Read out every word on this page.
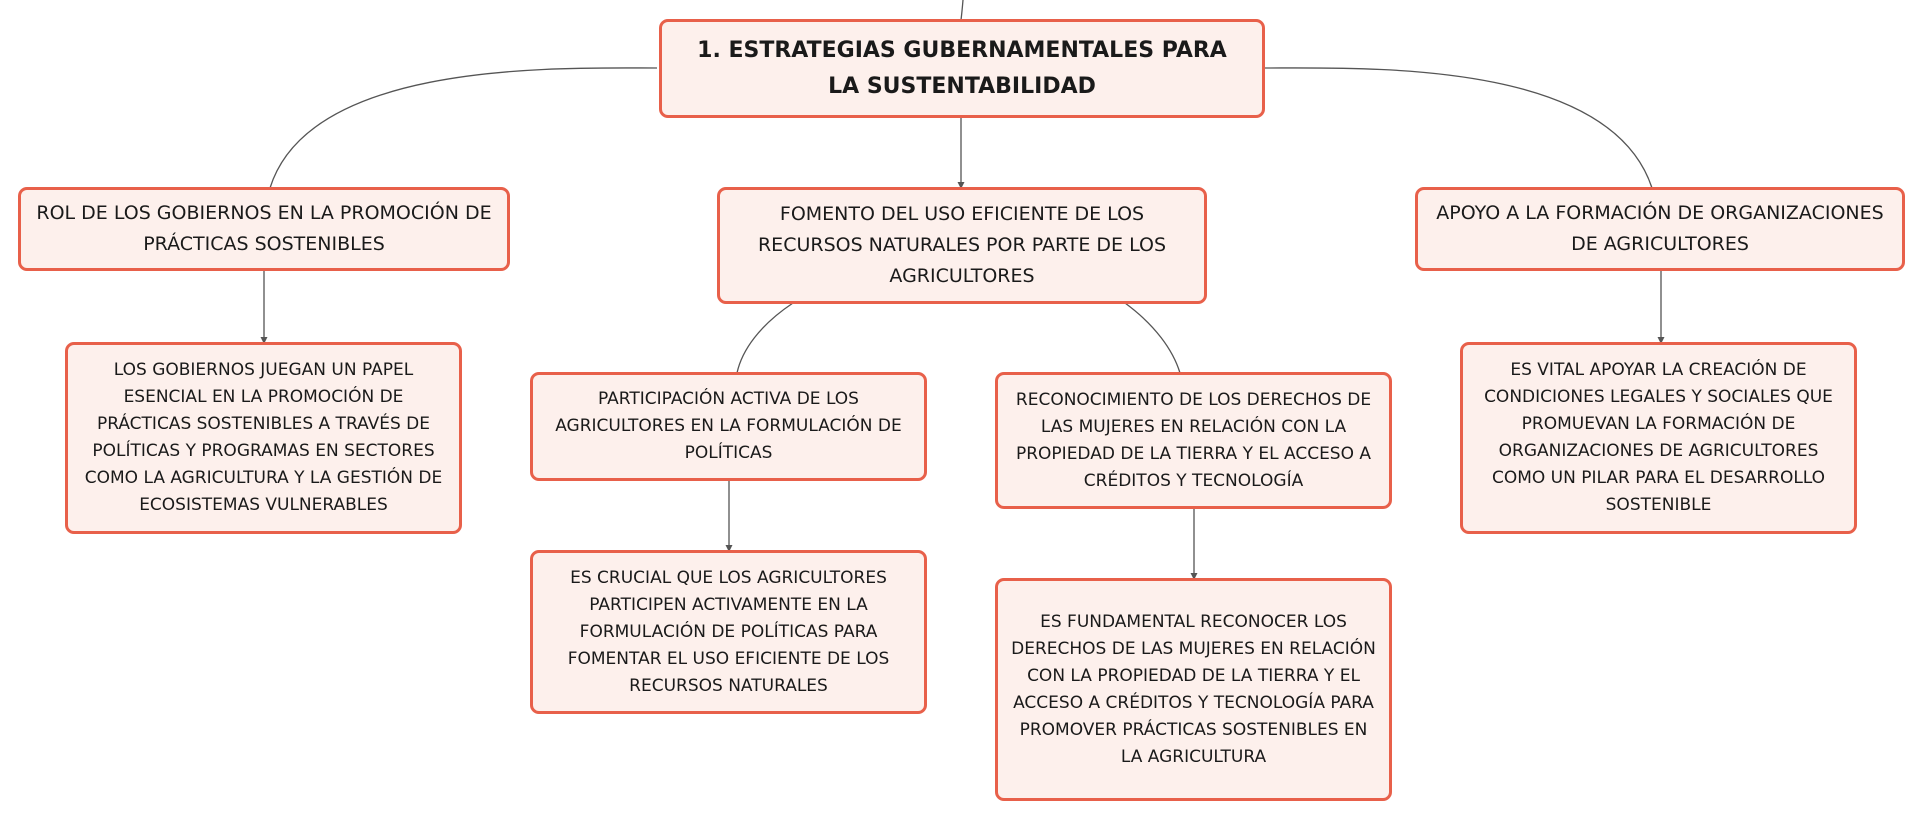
1. ESTRATEGIAS GUBERNAMENTALES PARA LA SUSTENTABILIDAD
ROL DE LOS GOBIERNOS EN LA PROMOCIÓN DE PRÁCTICAS SOSTENIBLES
FOMENTO DEL USO EFICIENTE DE LOS RECURSOS NATURALES POR PARTE DE LOS AGRICULTORES
APOYO A LA FORMACIÓN DE ORGANIZACIONES DE AGRICULTORES
LOS GOBIERNOS JUEGAN UN PAPEL ESENCIAL EN LA PROMOCIÓN DE PRÁCTICAS SOSTENIBLES A TRAVÉS DE POLÍTICAS Y PROGRAMAS EN SECTORES COMO LA AGRICULTURA Y LA GESTIÓN DE ECOSISTEMAS VULNERABLES
PARTICIPACIÓN ACTIVA DE LOS AGRICULTORES EN LA FORMULACIÓN DE POLÍTICAS
RECONOCIMIENTO DE LOS DERECHOS DE LAS MUJERES EN RELACIÓN CON LA PROPIEDAD DE LA TIERRA Y EL ACCESO A CRÉDITOS Y TECNOLOGÍA
ES CRUCIAL QUE LOS AGRICULTORES PARTICIPEN ACTIVAMENTE EN LA FORMULACIÓN DE POLÍTICAS PARA FOMENTAR EL USO EFICIENTE DE LOS RECURSOS NATURALES
ES FUNDAMENTAL RECONOCER LOS DERECHOS DE LAS MUJERES EN RELACIÓN CON LA PROPIEDAD DE LA TIERRA Y EL ACCESO A CRÉDITOS Y TECNOLOGÍA PARA PROMOVER PRÁCTICAS SOSTENIBLES EN LA AGRICULTURA
ES VITAL APOYAR LA CREACIÓN DE CONDICIONES LEGALES Y SOCIALES QUE PROMUEVAN LA FORMACIÓN DE ORGANIZACIONES DE AGRICULTORES COMO UN PILAR PARA EL DESARROLLO SOSTENIBLE
